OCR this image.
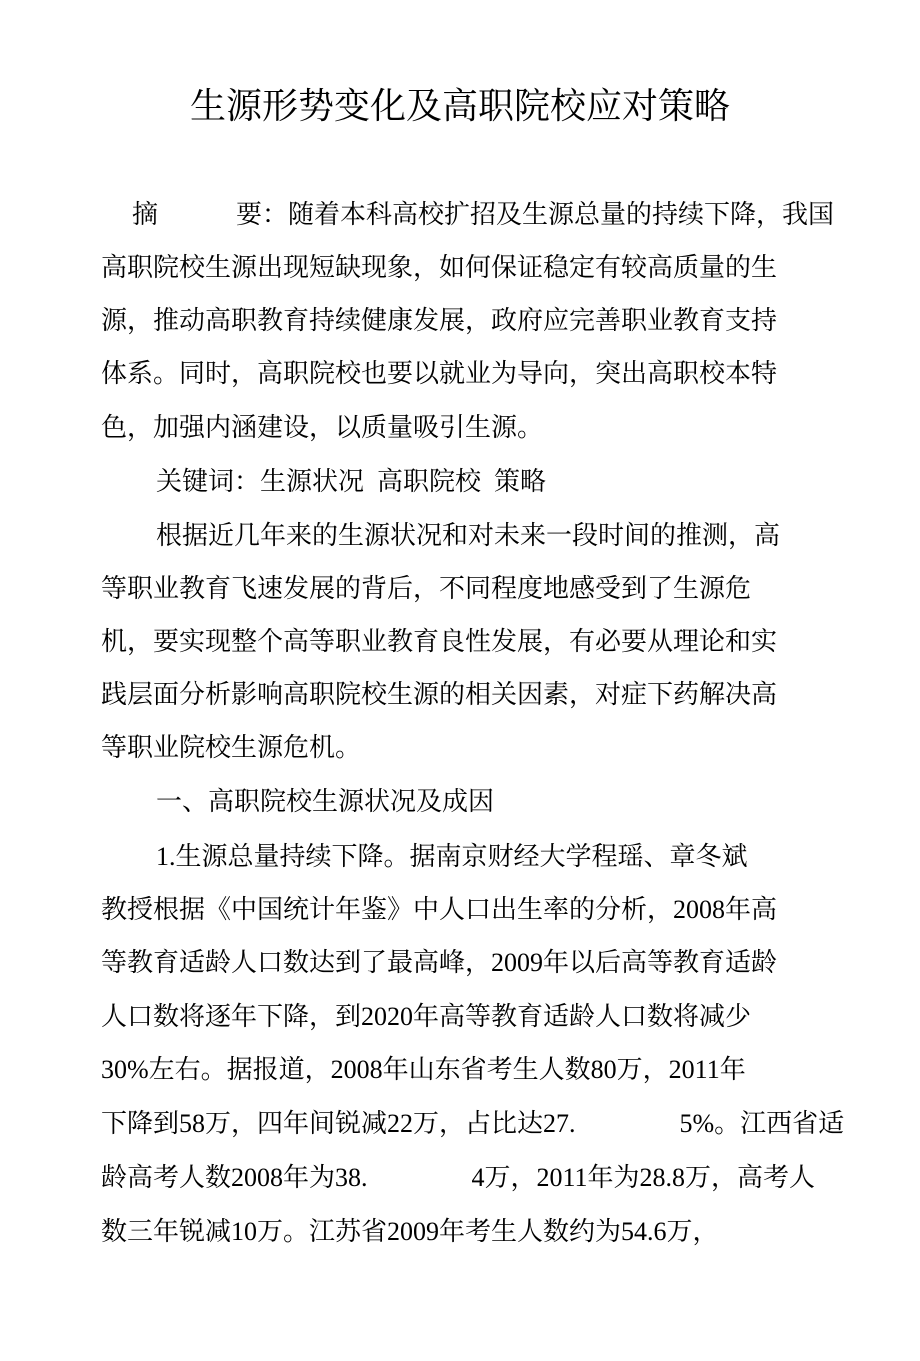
生源形势变化及高职院校应对策略
摘　　　要：随着本科高校扩招及生源总量的持续下降，我国
高职院校生源出现短缺现象，如何保证稳定有较高质量的生
源，推动高职教育持续健康发展，政府应完善职业教育支持
体系。同时，高职院校也要以就业为导向，突出高职校本特
色，加强内涵建设，以质量吸引生源。
关键词：生源状况  高职院校  策略
根据近几年来的生源状况和对未来一段时间的推测，高
等职业教育飞速发展的背后，不同程度地感受到了生源危
机，要实现整个高等职业教育良性发展，有必要从理论和实
践层面分析影响高职院校生源的相关因素，对症下药解决高
等职业院校生源危机。
一、高职院校生源状况及成因
1.生源总量持续下降。据南京财经大学程瑶、章冬斌
教授根据《中国统计年鉴》中人口出生率的分析，2008年高
等教育适龄人口数达到了最高峰，2009年以后高等教育适龄
人口数将逐年下降，到2020年高等教育适龄人口数将减少
30%左右。据报道，2008年山东省考生人数80万，2011年
下降到58万，四年间锐减22万，占比达27.　　　　5%。江西省适
龄高考人数2008年为38.　　　　4万，2011年为28.8万，高考人
数三年锐减10万。江苏省2009年考生人数约为54.6万，
